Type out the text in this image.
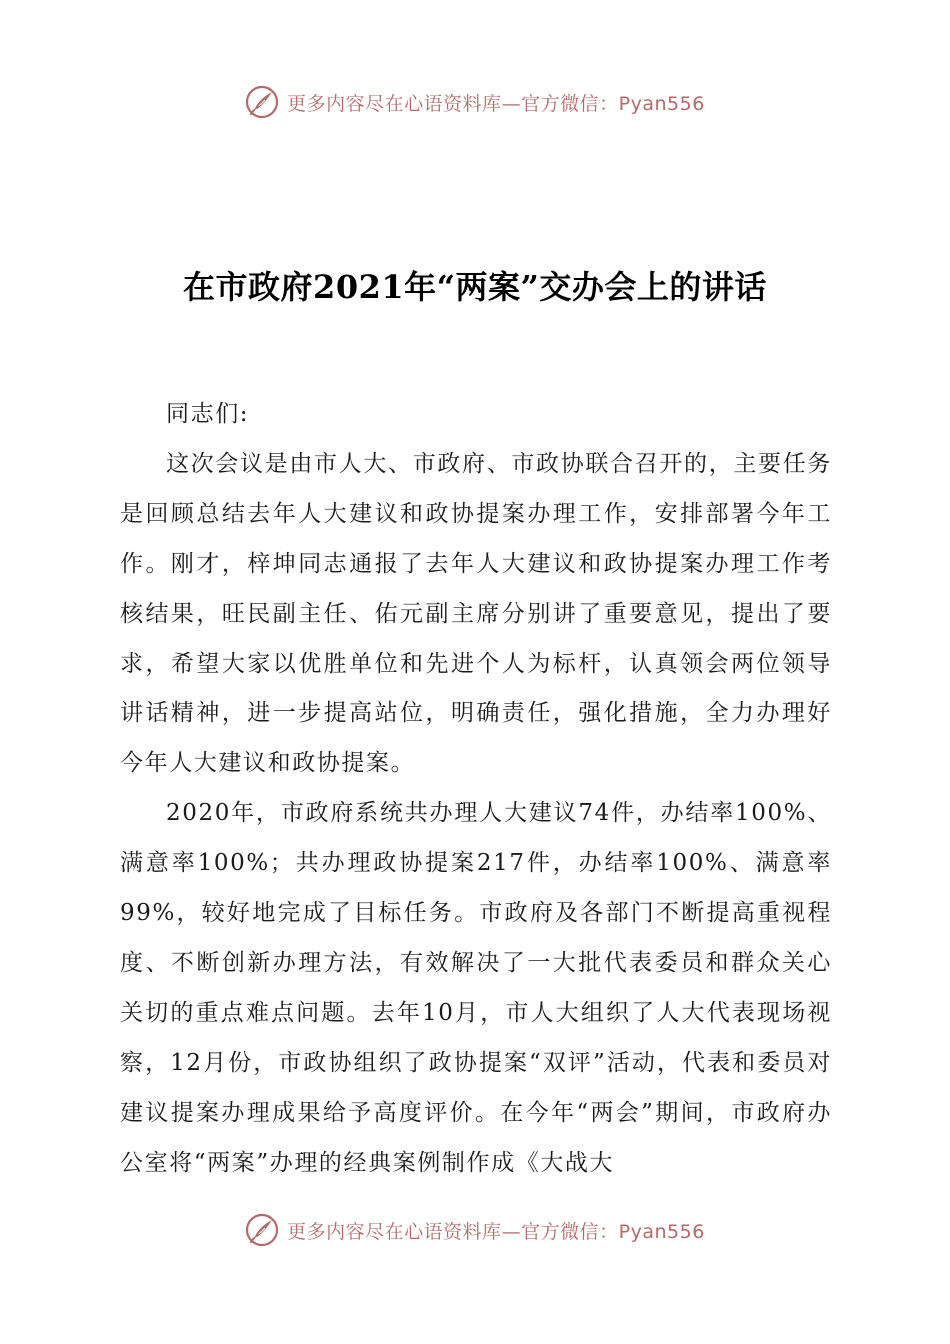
更多内容尽在心语资料库—官方微信：Pyan556
在市政府2021年“两案”交办会上的讲话

同志们:

这次会议是由市人大、市政府、市政协联合召开的，主要任务是回顾总结去年人大建议和政协提案办理工作，安排部署今年工作。刚才，梓坤同志通报了去年人大建议和政协提案办理工作考核结果，旺民副主任、佑元副主席分别讲了重要意见，提出了要求，希望大家以优胜单位和先进个人为标杆，认真领会两位领导讲话精神，进一步提高站位，明确责任，强化措施，全力办理好今年人大建议和政协提案。

2020年，市政府系统共办理人大建议74件，办结率100%、满意率100%；共办理政协提案217件，办结率100%、满意率99%，较好地完成了目标任务。市政府及各部门不断提高重视程度、不断创新办理方法，有效解决了一大批代表委员和群众关心关切的重点难点问题。去年10月，市人大组织了人大代表现场视察，12月份，市政协组织了政协提案“双评”活动，代表和委员对建议提案办理成果给予高度评价。在今年“两会”期间，市政府办公室将“两案”办理的经典案例制作成《大战大

更多内容尽在心语资料库—官方微信：Pyan556
